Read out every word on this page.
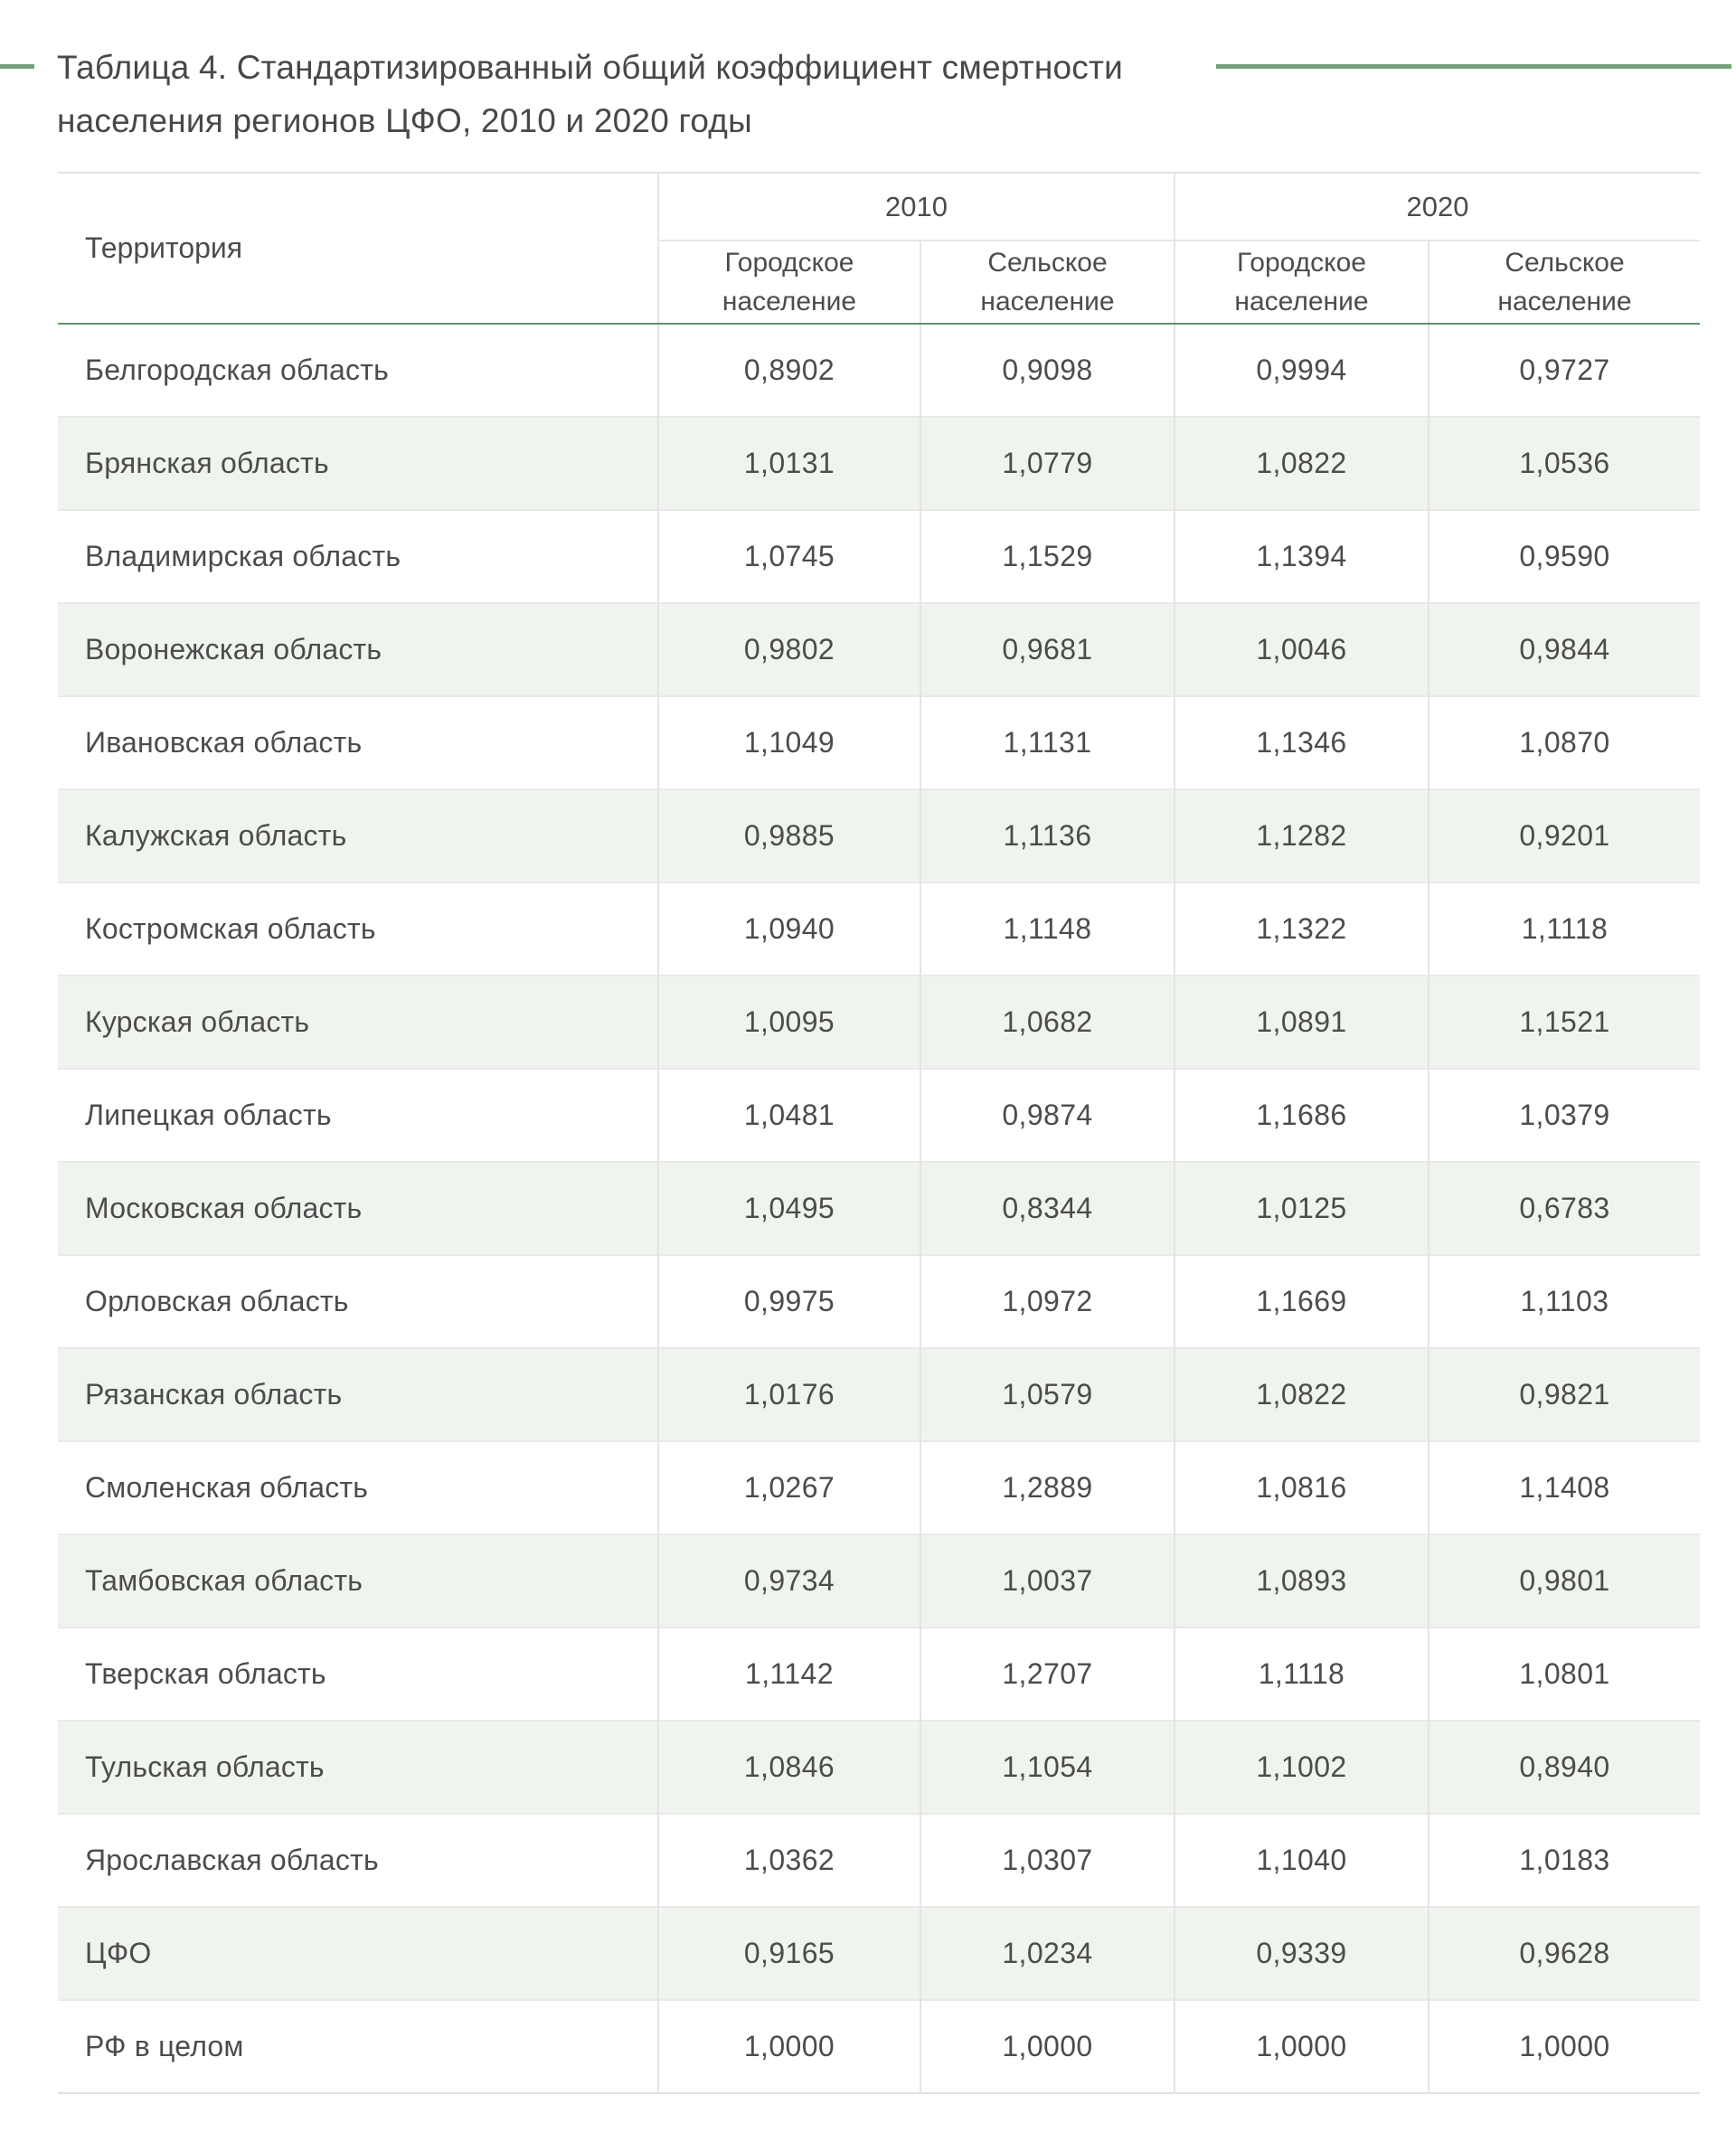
Таблица 4. Стандартизированный общий коэффициент смертности населения регионов ЦФО, 2010 и 2020 годы
Территория	2010		2020	
	Городское население	Сельское население	Городское население	Сельское население
Белгородская область	0,8902	0,9098	0,9994	0,9727
Брянская область	1,0131	1,0779	1,0822	1,0536
Владимирская область	1,0745	1,1529	1,1394	0,9590
Воронежская область	0,9802	0,9681	1,0046	0,9844
Ивановская область	1,1049	1,1131	1,1346	1,0870
Калужская область	0,9885	1,1136	1,1282	0,9201
Костромская область	1,0940	1,1148	1,1322	1,1118
Курская область	1,0095	1,0682	1,0891	1,1521
Липецкая область	1,0481	0,9874	1,1686	1,0379
Московская область	1,0495	0,8344	1,0125	0,6783
Орловская область	0,9975	1,0972	1,1669	1,1103
Рязанская область	1,0176	1,0579	1,0822	0,9821
Смоленская область	1,0267	1,2889	1,0816	1,1408
Тамбовская область	0,9734	1,0037	1,0893	0,9801
Тверская область	1,1142	1,2707	1,1118	1,0801
Тульская область	1,0846	1,1054	1,1002	0,8940
Ярославская область	1,0362	1,0307	1,1040	1,0183
ЦФО	0,9165	1,0234	0,9339	0,9628
РФ в целом	1,0000	1,0000	1,0000	1,0000
